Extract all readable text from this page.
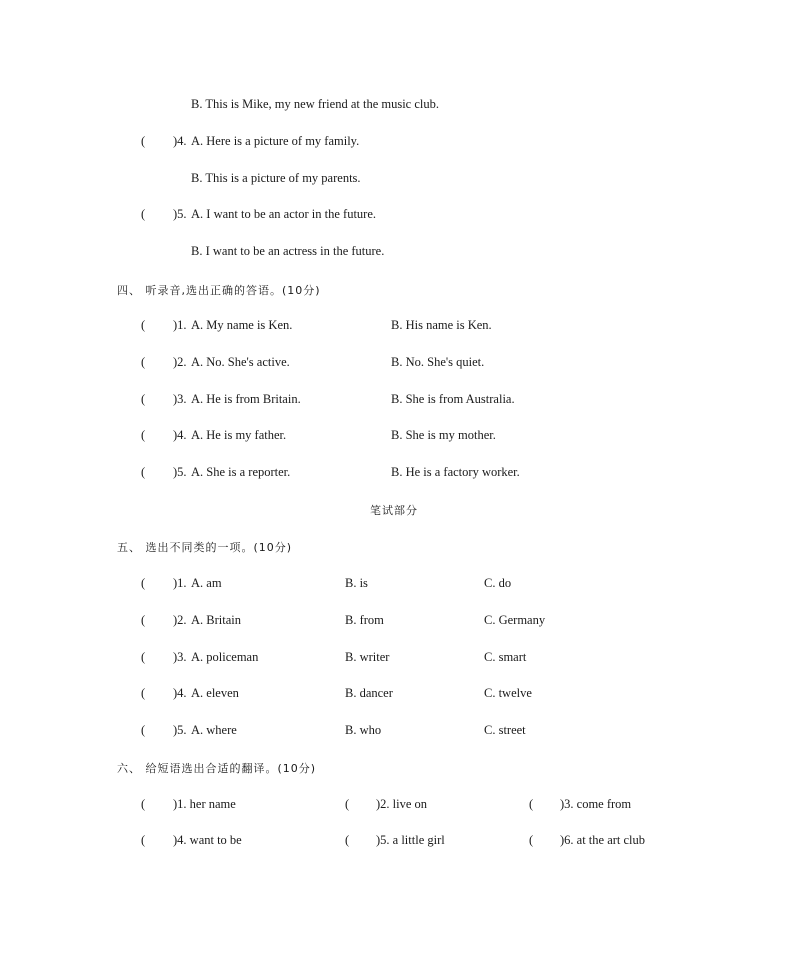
B. This is Mike, my new friend at the music club.
( )4. A. Here is a picture of my family.
B. This is a picture of my parents.
( )5. A. I want to be an actor in the future.
B. I want to be an actress in the future.
四、 听录音,选出正确的答语。(10分)
( )1. A. My name is Ken.	B. His name is Ken.
( )2. A. No. She's active.	B. No. She's quiet.
( )3. A. He is from Britain.	B. She is from Australia.
( )4. A. He is my father.	B. She is my mother.
( )5. A. She is a reporter.	B. He is a factory worker.
笔试部分
五、 选出不同类的一项。(10分)
( )1. A. am	B. is	C. do
( )2. A. Britain	B. from	C. Germany
( )3. A. policeman	B. writer	C. smart
( )4. A. eleven	B. dancer	C. twelve
( )5. A. where	B. who	C. street
六、 给短语选出合适的翻译。(10分)
( )1. her name	( )2. live on	( )3. come from
( )4. want to be	( )5. a little girl	( )6. at the art club
